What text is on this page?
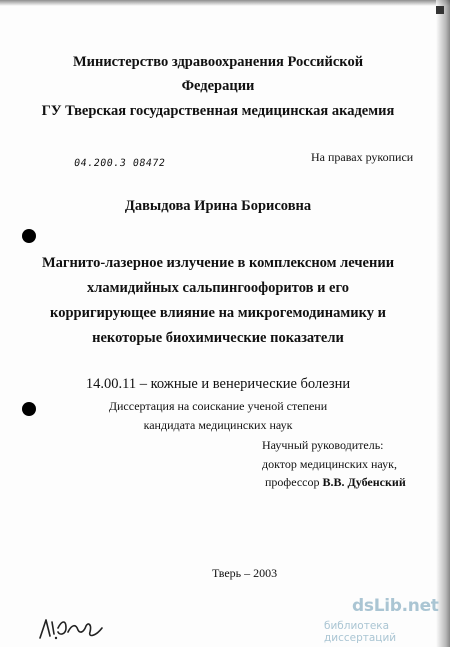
Министерство здравоохранения Российской
Федерации
ГУ Тверская государственная медицинская академия
04.200.3 08472	На правах рукописи
Давыдова Ирина Борисовна
Магнито-лазерное излучение в комплексном лечении
хламидийных сальпингоофоритов и его
корригирующее влияние на микрогемодинамику и
некоторые биохимические показатели
14.00.11 – кожные и венерические болезни
Диссертация на соискание ученой степени
кандидата медицинских наук
Научный руководитель:
доктор медицинских наук,
профессор В.В. Дубенский
Тверь – 2003
dsLib.net
библиотека диссертаций
